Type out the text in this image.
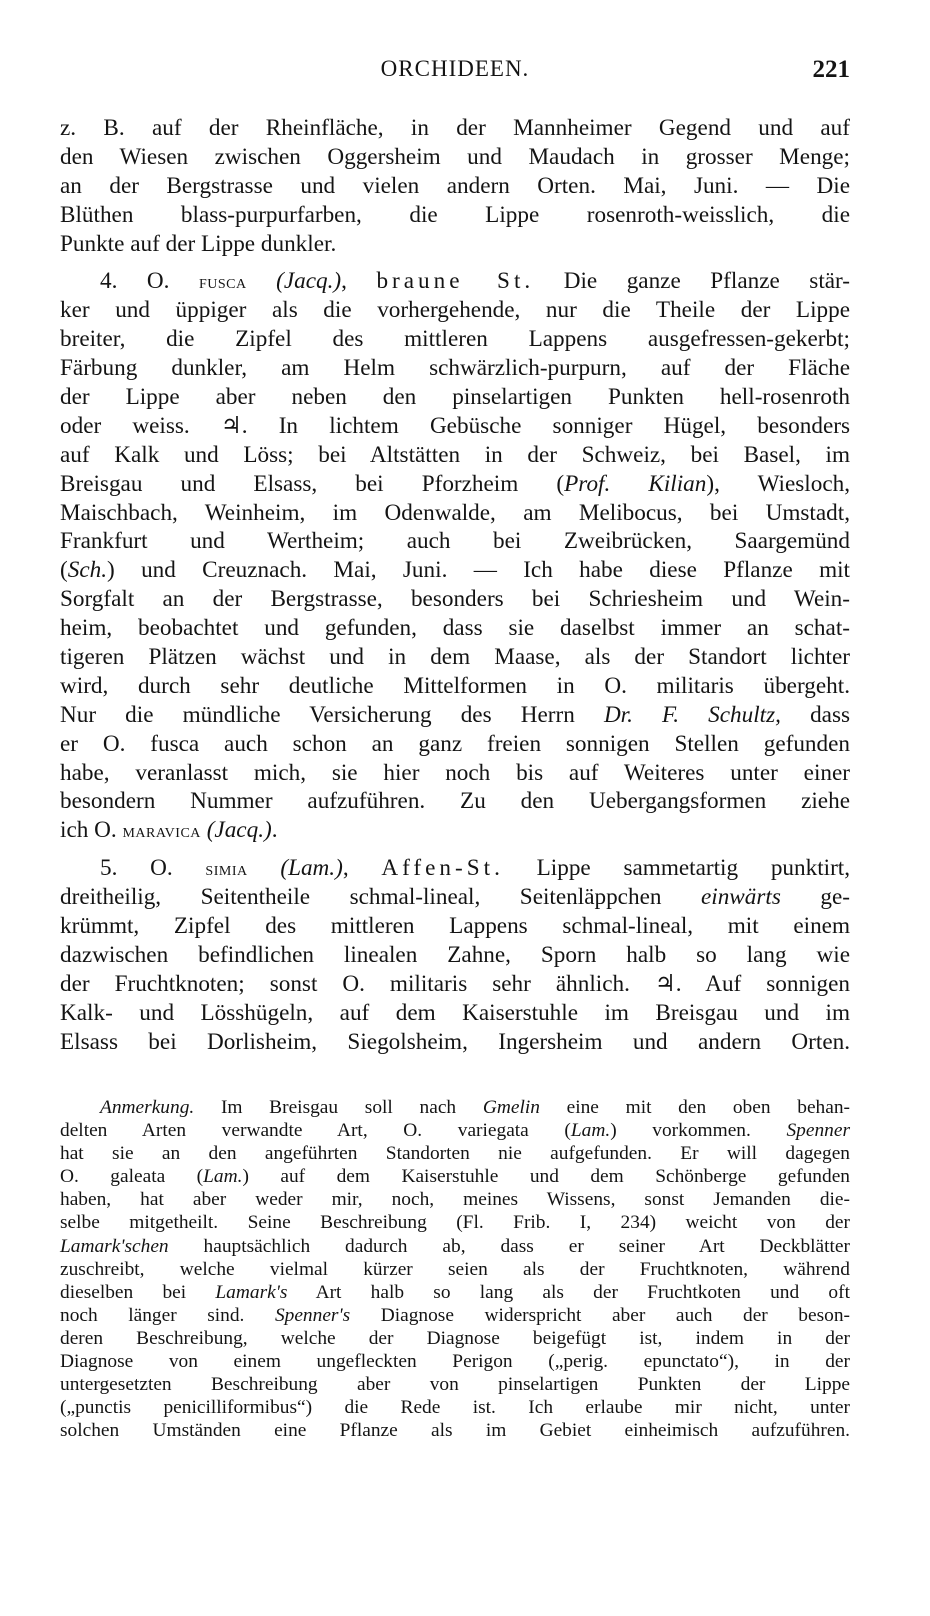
ORCHIDEEN.	221
z. B. auf der Rheinfläche, in der Mannheimer Gegend und auf
den Wiesen zwischen Oggersheim und Maudach in grosser Menge;
an der Bergstrasse und vielen andern Orten. Mai, Juni. — Die
Blüthen blass-purpurfarben, die Lippe rosenroth-weisslich, die
Punkte auf der Lippe dunkler.
4. O. fusca (Jacq.), braune St. Die ganze Pflanze stär-
ker und üppiger als die vorhergehende, nur die Theile der Lippe
breiter, die Zipfel des mittleren Lappens ausgefressen-gekerbt;
Färbung dunkler, am Helm schwärzlich-purpurn, auf der Fläche
der Lippe aber neben den pinselartigen Punkten hell-rosenroth
oder weiss. ♃. In lichtem Gebüsche sonniger Hügel, besonders
auf Kalk und Löss; bei Altstätten in der Schweiz, bei Basel, im
Breisgau und Elsass, bei Pforzheim (Prof. Kilian), Wiesloch,
Maischbach, Weinheim, im Odenwalde, am Melibocus, bei Umstadt,
Frankfurt und Wertheim; auch bei Zweibrücken, Saargemünd
(Sch.) und Creuznach. Mai, Juni. — Ich habe diese Pflanze mit
Sorgfalt an der Bergstrasse, besonders bei Schriesheim und Wein-
heim, beobachtet und gefunden, dass sie daselbst immer an schat-
tigeren Plätzen wächst und in dem Maase, als der Standort lichter
wird, durch sehr deutliche Mittelformen in O. militaris übergeht.
Nur die mündliche Versicherung des Herrn Dr. F. Schultz, dass
er O. fusca auch schon an ganz freien sonnigen Stellen gefunden
habe, veranlasst mich, sie hier noch bis auf Weiteres unter einer
besondern Nummer aufzuführen. Zu den Uebergangsformen ziehe
ich O. maravica (Jacq.).
5. O. simia (Lam.), Affen-St. Lippe sammetartig punktirt,
dreitheilig, Seitentheile schmal-lineal, Seitenläppchen einwärts ge-
krümmt, Zipfel des mittleren Lappens schmal-lineal, mit einem
dazwischen befindlichen linealen Zahne, Sporn halb so lang wie
der Fruchtknoten; sonst O. militaris sehr ähnlich. ♃. Auf sonnigen
Kalk- und Lösshügeln, auf dem Kaiserstuhle im Breisgau und im
Elsass bei Dorlisheim, Siegolsheim, Ingersheim und andern Orten.
Anmerkung. Im Breisgau soll nach Gmelin eine mit den oben behan-
delten Arten verwandte Art, O. variegata (Lam.) vorkommen. Spenner
hat sie an den angeführten Standorten nie aufgefunden. Er will dagegen
O. galeata (Lam.) auf dem Kaiserstuhle und dem Schönberge gefunden
haben, hat aber weder mir, noch, meines Wissens, sonst Jemanden die-
selbe mitgetheilt. Seine Beschreibung (Fl. Frib. I, 234) weicht von der
Lamark'schen hauptsächlich dadurch ab, dass er seiner Art Deckblätter
zuschreibt, welche vielmal kürzer seien als der Fruchtknoten, während
dieselben bei Lamark's Art halb so lang als der Fruchtkoten und oft
noch länger sind. Spenner's Diagnose widerspricht aber auch der beson-
deren Beschreibung, welche der Diagnose beigefügt ist, indem in der
Diagnose von einem ungefleckten Perigon („perig. epunctato“), in der
untergesetzten Beschreibung aber von pinselartigen Punkten der Lippe
(„punctis penicilliformibus“) die Rede ist. Ich erlaube mir nicht, unter
solchen Umständen eine Pflanze als im Gebiet einheimisch aufzuführen.
